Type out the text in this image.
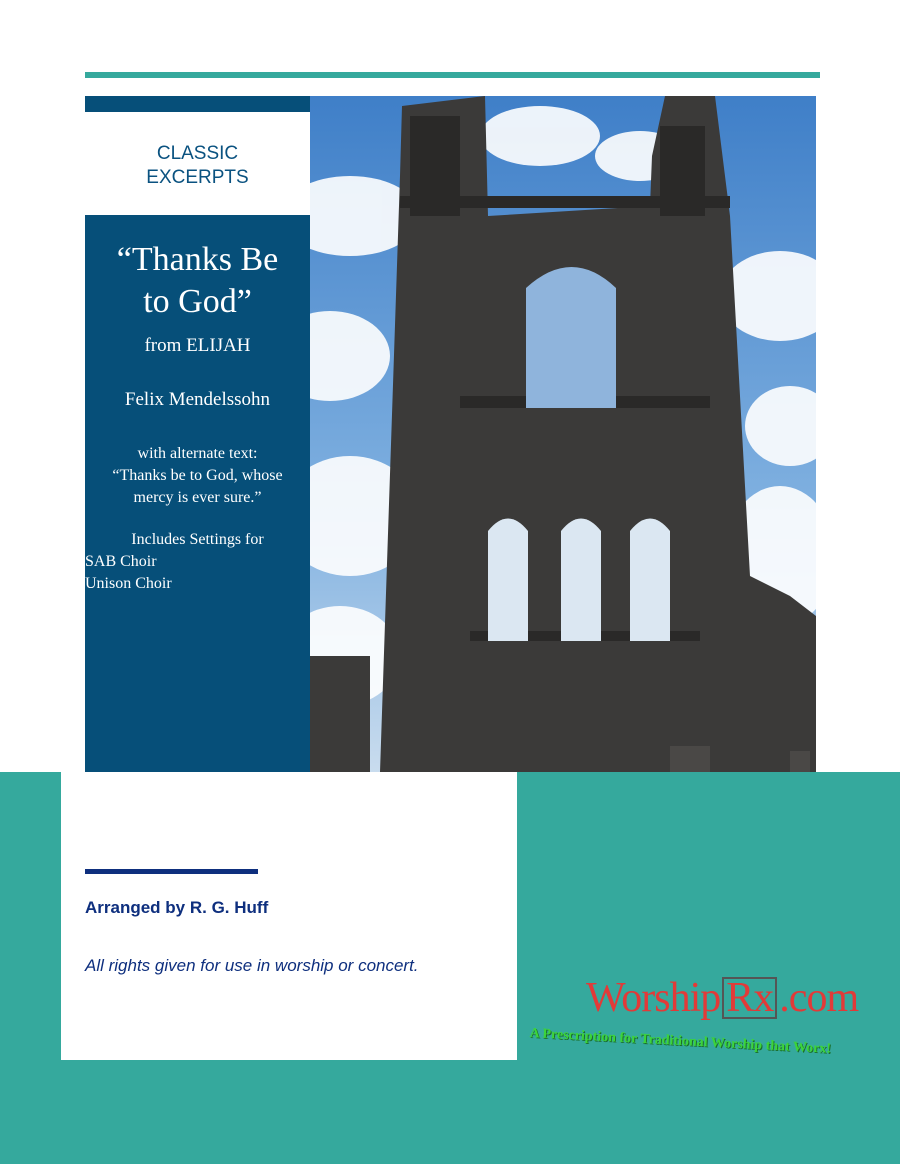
CLASSIC
EXCERPTS
“Thanks Be
to God”
from ELIJAH
Felix Mendelssohn
with alternate text:
“Thanks be to God, whose
mercy is ever sure.”
Includes Settings for
SAB Choir
Unison Choir
Arranged by R. G. Huff
All rights given for use in worship or concert.
Worship Rx .com
A Prescription for Traditional Worship that Worx!
